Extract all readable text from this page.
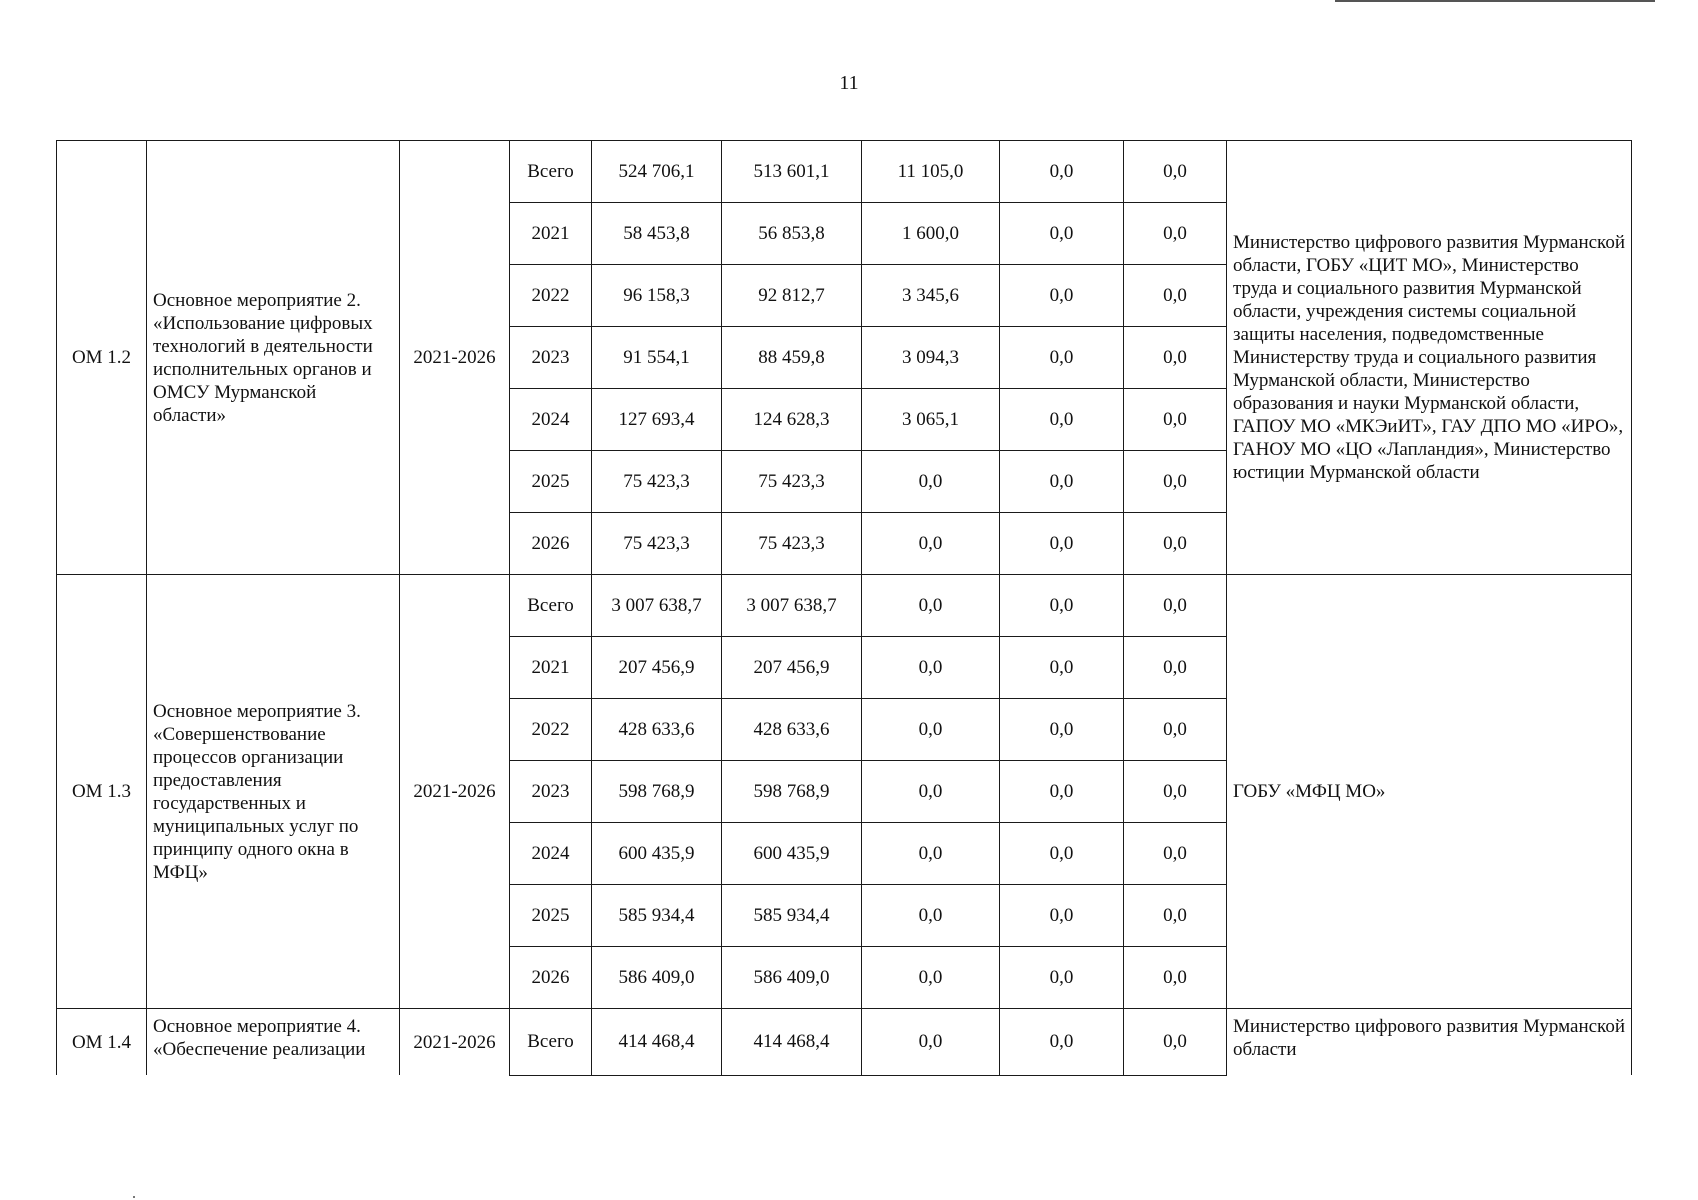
11
ОМ 1.2	Основное мероприятие 2. «Использование цифровых технологий в деятельности исполнительных органов и ОМСУ Мурманской области»	2021-2026	Всего	524 706,1	513 601,1	11 105,0	0,0	0,0	Министерство цифрового развития Мурманской области, ГОБУ «ЦИТ МО», Министерство труда и социального развития Мурманской области, учреждения системы социальной защиты населения, подведомственные Министерству труда и социального развития Мурманской области, Министерство образования и науки Мурманской области, ГАПОУ МО «МКЭиИТ», ГАУ ДПО МО «ИРО», ГАНОУ МО «ЦО «Лапландия», Министерство юстиции Мурманской области
			2021	58 453,8	56 853,8	1 600,0	0,0	0,0	
			2022	96 158,3	92 812,7	3 345,6	0,0	0,0	
			2023	91 554,1	88 459,8	3 094,3	0,0	0,0	
			2024	127 693,4	124 628,3	3 065,1	0,0	0,0	
			2025	75 423,3	75 423,3	0,0	0,0	0,0	
			2026	75 423,3	75 423,3	0,0	0,0	0,0	
ОМ 1.3	Основное мероприятие 3. «Совершенствование процессов организации предоставления государственных и муниципальных услуг по принципу одного окна в МФЦ»	2021-2026	Всего	3 007 638,7	3 007 638,7	0,0	0,0	0,0	ГОБУ «МФЦ МО»
			2021	207 456,9	207 456,9	0,0	0,0	0,0	
			2022	428 633,6	428 633,6	0,0	0,0	0,0	
			2023	598 768,9	598 768,9	0,0	0,0	0,0	
			2024	600 435,9	600 435,9	0,0	0,0	0,0	
			2025	585 934,4	585 934,4	0,0	0,0	0,0	
			2026	586 409,0	586 409,0	0,0	0,0	0,0	
ОМ 1.4	Основное мероприятие 4. «Обеспечение реализации	2021-2026	Всего	414 468,4	414 468,4	0,0	0,0	0,0	Министерство цифрового развития Мурманской области
